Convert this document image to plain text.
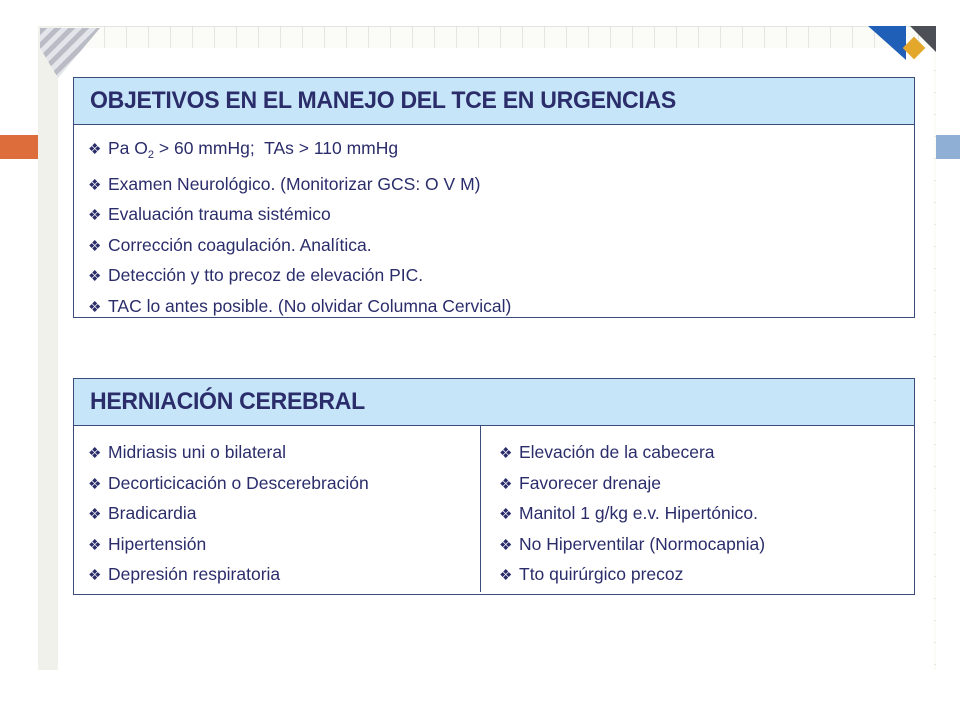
OBJETIVOS EN EL MANEJO DEL TCE EN URGENCIAS
❖ Pa $O_2 > 60$ mmHg;  TAs > 110 mmHg
❖ Examen Neurológico. (Monitorizar GCS: O V M)
❖ Evaluación trauma sistémico
❖ Corrección coagulación. Analítica.
❖ Detección y tto precoz de elevación PIC.
❖ TAC lo antes posible. (No olvidar Columna Cervical)
HERNIACIÓN CEREBRAL
❖ Midriasis uni o bilateral
❖ Decorticicación o Descerebración
❖ Bradicardia
❖ Hipertensión
❖ Depresión respiratoria
❖ Elevación de la cabecera
❖ Favorecer drenaje
❖ Manitol 1 g/kg e.v. Hipertónico.
❖ No Hiperventilar (Normocapnia)
❖ Tto quirúrgico precoz
